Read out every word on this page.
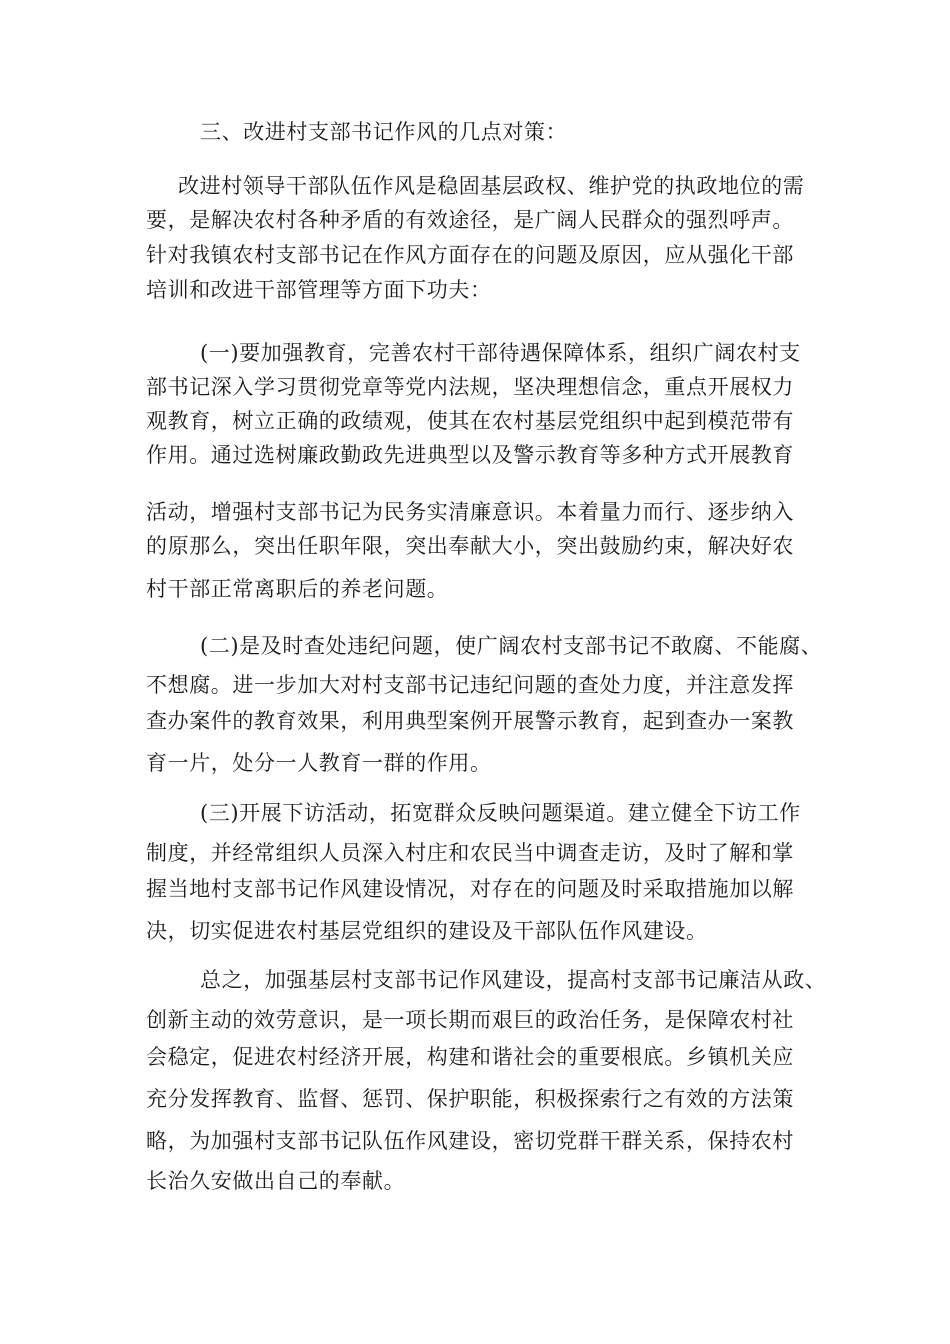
三、改进村支部书记作风的几点对策：
改进村领导干部队伍作风是稳固基层政权、维护党的执政地位的需
要，是解决农村各种矛盾的有效途径，是广阔人民群众的强烈呼声。
针对我镇农村支部书记在作风方面存在的问题及原因，应从强化干部
培训和改进干部管理等方面下功夫：
(一)要加强教育，完善农村干部待遇保障体系，组织广阔农村支
部书记深入学习贯彻党章等党内法规，坚决理想信念，重点开展权力
观教育，树立正确的政绩观，使其在农村基层党组织中起到模范带有
作用。通过选树廉政勤政先进典型以及警示教育等多种方式开展教育
活动，增强村支部书记为民务实清廉意识。本着量力而行、逐步纳入
的原那么，突出任职年限，突出奉献大小，突出鼓励约束，解决好农
村干部正常离职后的养老问题。
(二)是及时查处违纪问题，使广阔农村支部书记不敢腐、不能腐、
不想腐。进一步加大对村支部书记违纪问题的查处力度，并注意发挥
查办案件的教育效果，利用典型案例开展警示教育，起到查办一案教
育一片，处分一人教育一群的作用。
(三)开展下访活动，拓宽群众反映问题渠道。建立健全下访工作
制度，并经常组织人员深入村庄和农民当中调查走访，及时了解和掌
握当地村支部书记作风建设情况，对存在的问题及时采取措施加以解
决，切实促进农村基层党组织的建设及干部队伍作风建设。
总之，加强基层村支部书记作风建设，提高村支部书记廉洁从政、
创新主动的效劳意识，是一项长期而艰巨的政治任务，是保障农村社
会稳定，促进农村经济开展，构建和谐社会的重要根底。乡镇机关应
充分发挥教育、监督、惩罚、保护职能，积极探索行之有效的方法策
略，为加强村支部书记队伍作风建设，密切党群干群关系，保持农村
长治久安做出自己的奉献。
